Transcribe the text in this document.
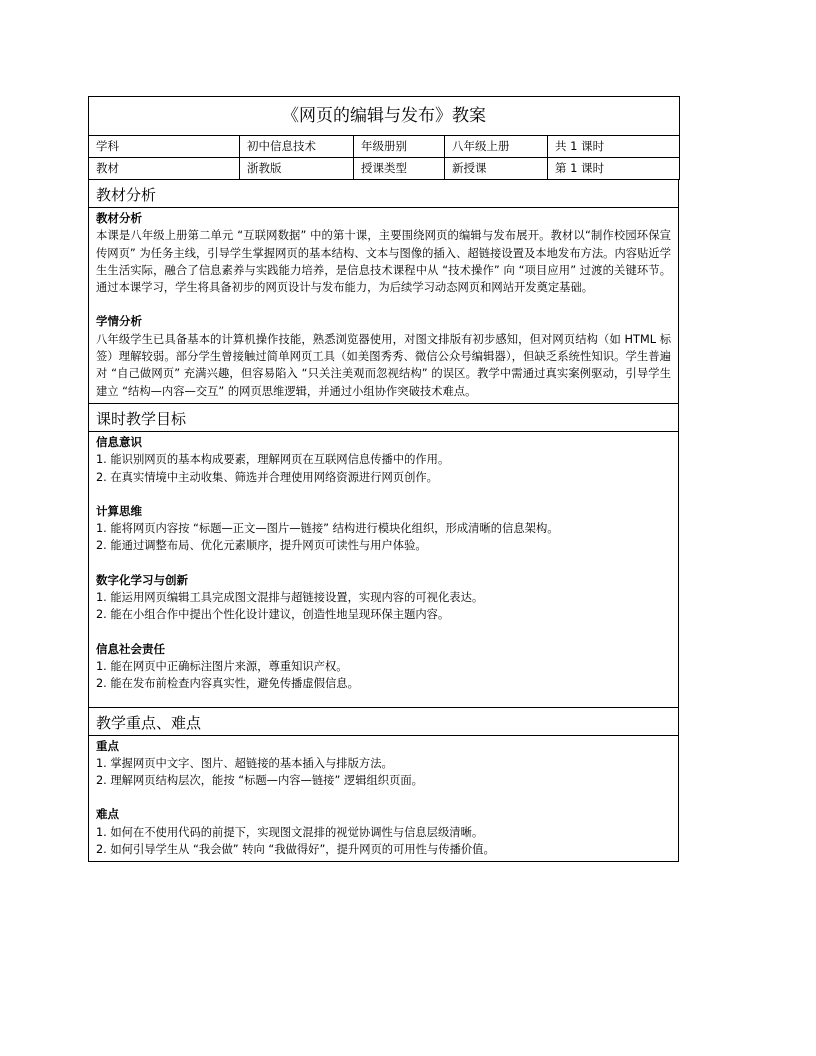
《网页的编辑与发布》教案				
学科	初中信息技术	年级册别	八年级上册	共 1 课时
教材	浙教版	授课类型	新授课	第 1 课时
教材分析
教材分析
本课是八年级上册第二单元 “互联网数据” 中的第十课，主要围绕网页的编辑与发布展开。教材以“制作校园环保宣传网页” 为任务主线，引导学生掌握网页的基本结构、文本与图像的插入、超链接设置及本地发布方法。内容贴近学生生活实际，融合了信息素养与实践能力培养，是信息技术课程中从 “技术操作” 向 “项目应用” 过渡的关键环节。通过本课学习，学生将具备初步的网页设计与发布能力，为后续学习动态网页和网站开发奠定基础。
学情分析
八年级学生已具备基本的计算机操作技能，熟悉浏览器使用，对图文排版有初步感知，但对网页结构（如 HTML 标签）理解较弱。部分学生曾接触过简单网页工具（如美图秀秀、微信公众号编辑器），但缺乏系统性知识。学生普遍对 “自己做网页” 充满兴趣，但容易陷入 “只关注美观而忽视结构” 的误区。教学中需通过真实案例驱动，引导学生建立 “结构—内容—交互” 的网页思维逻辑，并通过小组协作突破技术难点。
课时教学目标
信息意识
1. 能识别网页的基本构成要素，理解网页在互联网信息传播中的作用。
2. 在真实情境中主动收集、筛选并合理使用网络资源进行网页创作。
计算思维
1. 能将网页内容按 “标题—正文—图片—链接” 结构进行模块化组织，形成清晰的信息架构。
2. 能通过调整布局、优化元素顺序，提升网页可读性与用户体验。
数字化学习与创新
1. 能运用网页编辑工具完成图文混排与超链接设置，实现内容的可视化表达。
2. 能在小组合作中提出个性化设计建议，创造性地呈现环保主题内容。
信息社会责任
1. 能在网页中正确标注图片来源，尊重知识产权。
2. 能在发布前检查内容真实性，避免传播虚假信息。
教学重点、难点
重点
1. 掌握网页中文字、图片、超链接的基本插入与排版方法。
2. 理解网页结构层次，能按 “标题—内容—链接” 逻辑组织页面。
难点
1. 如何在不使用代码的前提下，实现图文混排的视觉协调性与信息层级清晰。
2. 如何引导学生从 “我会做” 转向 “我做得好”，提升网页的可用性与传播价值。
